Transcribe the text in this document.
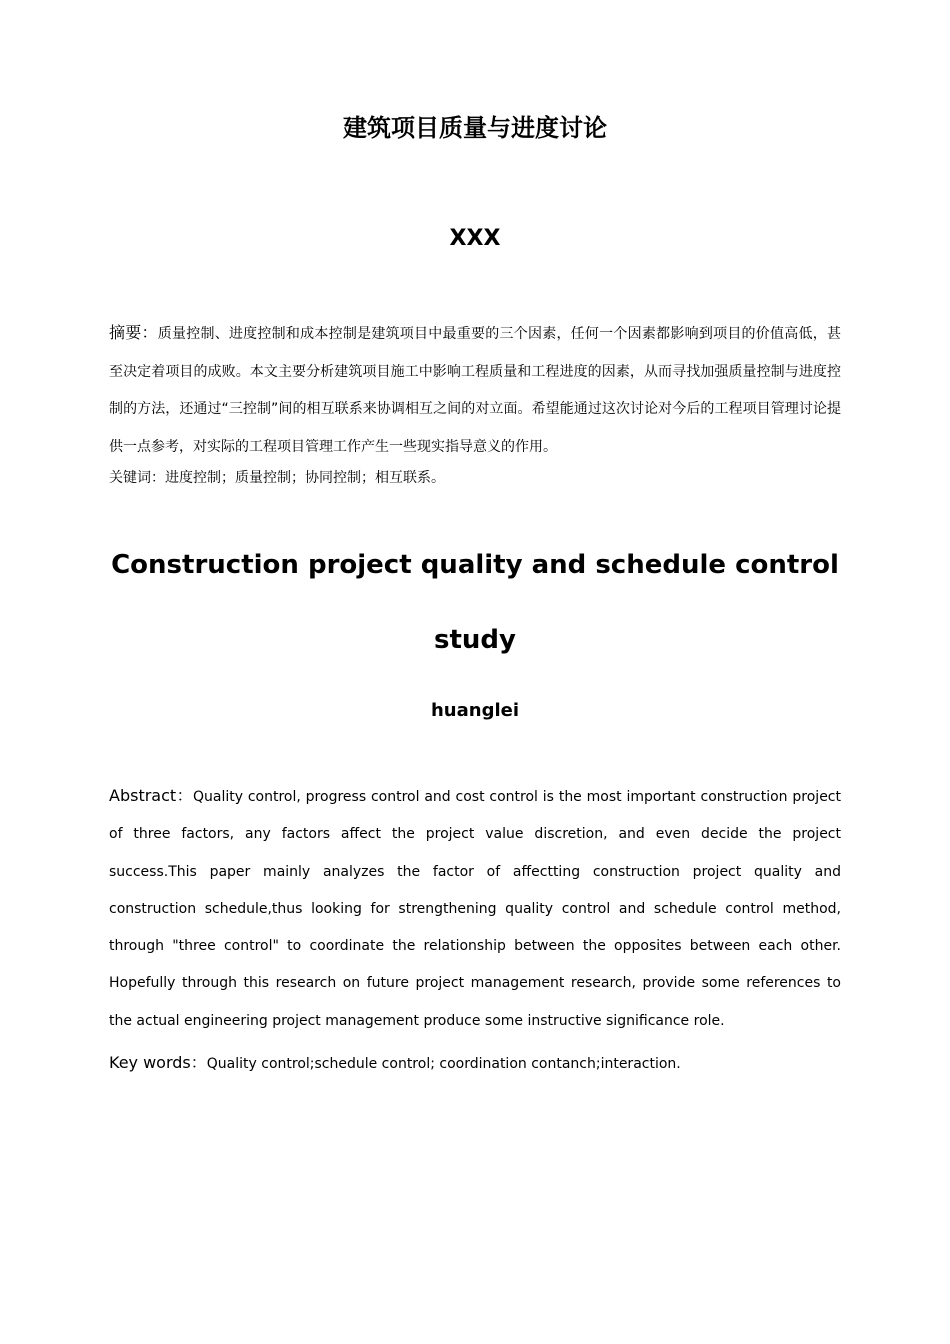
建筑项目质量与进度讨论
XXX
摘要：质量控制、进度控制和成本控制是建筑项目中最重要的三个因素，任何一个因素都影响到项目的价值高低，甚至决定着项目的成败。本文主要分析建筑项目施工中影响工程质量和工程进度的因素，从而寻找加强质量控制与进度控制的方法，还通过“三控制”间的相互联系来协调相互之间的对立面。希望能通过这次讨论对今后的工程项目管理讨论提供一点参考，对实际的工程项目管理工作产生一些现实指导意义的作用。
关键词：进度控制；质量控制；协同控制；相互联系。
Construction project quality and schedule control study
huanglei
Abstract：Quality control, progress control and cost control is the most important construction project of three factors, any factors affect the project value discretion, and even decide the project success.This paper mainly analyzes the factor of affectting construction project quality and construction schedule,thus looking for strengthening quality control and schedule control method, through "three control" to coordinate the relationship between the opposites between each other. Hopefully through this research on future project management research, provide some references to the actual engineering project management produce some instructive significance role.
Key words：Quality control;schedule control; coordination contanch;interaction.
